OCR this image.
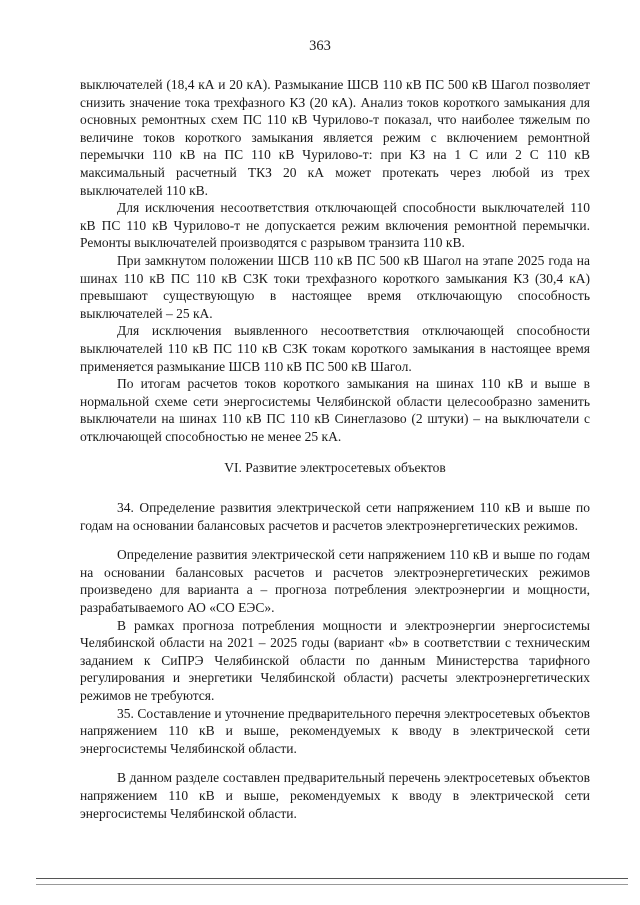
363

выключателей (18,4 кА и 20 кА). Размыкание ШСВ 110 кВ ПС 500 кВ Шагол позволяет снизить значение тока трехфазного КЗ (20 кА). Анализ токов короткого замыкания для основных ремонтных схем ПС 110 кВ Чурилово-т показал, что наиболее тяжелым по величине токов короткого замыкания является режим с включением ремонтной перемычки 110 кВ на ПС 110 кВ Чурилово-т: при КЗ на 1 С или 2 С 110 кВ максимальный расчетный ТКЗ 20 кА может протекать через любой из трех выключателей 110 кВ.

Для исключения несоответствия отключающей способности выключателей 110 кВ ПС 110 кВ Чурилово-т не допускается режим включения ремонтной перемычки. Ремонты выключателей производятся с разрывом транзита 110 кВ.

При замкнутом положении ШСВ 110 кВ ПС 500 кВ Шагол на этапе 2025 года на шинах 110 кВ ПС 110 кВ СЗК токи трехфазного короткого замыкания КЗ (30,4 кА) превышают существующую в настоящее время отключающую способность выключателей – 25 кА.

Для исключения выявленного несоответствия отключающей способности выключателей 110 кВ ПС 110 кВ СЗК токам короткого замыкания в настоящее время применяется размыкание ШСВ 110 кВ ПС 500 кВ Шагол.

По итогам расчетов токов короткого замыкания на шинах 110 кВ и выше в нормальной схеме сети энергосистемы Челябинской области целесообразно заменить выключатели на шинах 110 кВ ПС 110 кВ Синеглазово (2 штуки) – на выключатели с отключающей способностью не менее 25 кА.

VI. Развитие электросетевых объектов

34. Определение развития электрической сети напряжением 110 кВ и выше по годам на основании балансовых расчетов и расчетов электроэнергетических режимов.

Определение развития электрической сети напряжением 110 кВ и выше по годам на основании балансовых расчетов и расчетов электроэнергетических режимов произведено для варианта а – прогноза потребления электроэнергии и мощности, разрабатываемого АО «СО ЕЭС».

В рамках прогноза потребления мощности и электроэнергии энергосистемы Челябинской области на 2021 – 2025 годы (вариант «b» в соответствии с техническим заданием к СиПРЭ Челябинской области по данным Министерства тарифного регулирования и энергетики Челябинской области) расчеты электроэнергетических режимов не требуются.

35. Составление и уточнение предварительного перечня электросетевых объектов напряжением 110 кВ и выше, рекомендуемых к вводу в электрической сети энергосистемы Челябинской области.

В данном разделе составлен предварительный перечень электросетевых объектов напряжением 110 кВ и выше, рекомендуемых к вводу в электрической сети энергосистемы Челябинской области.
